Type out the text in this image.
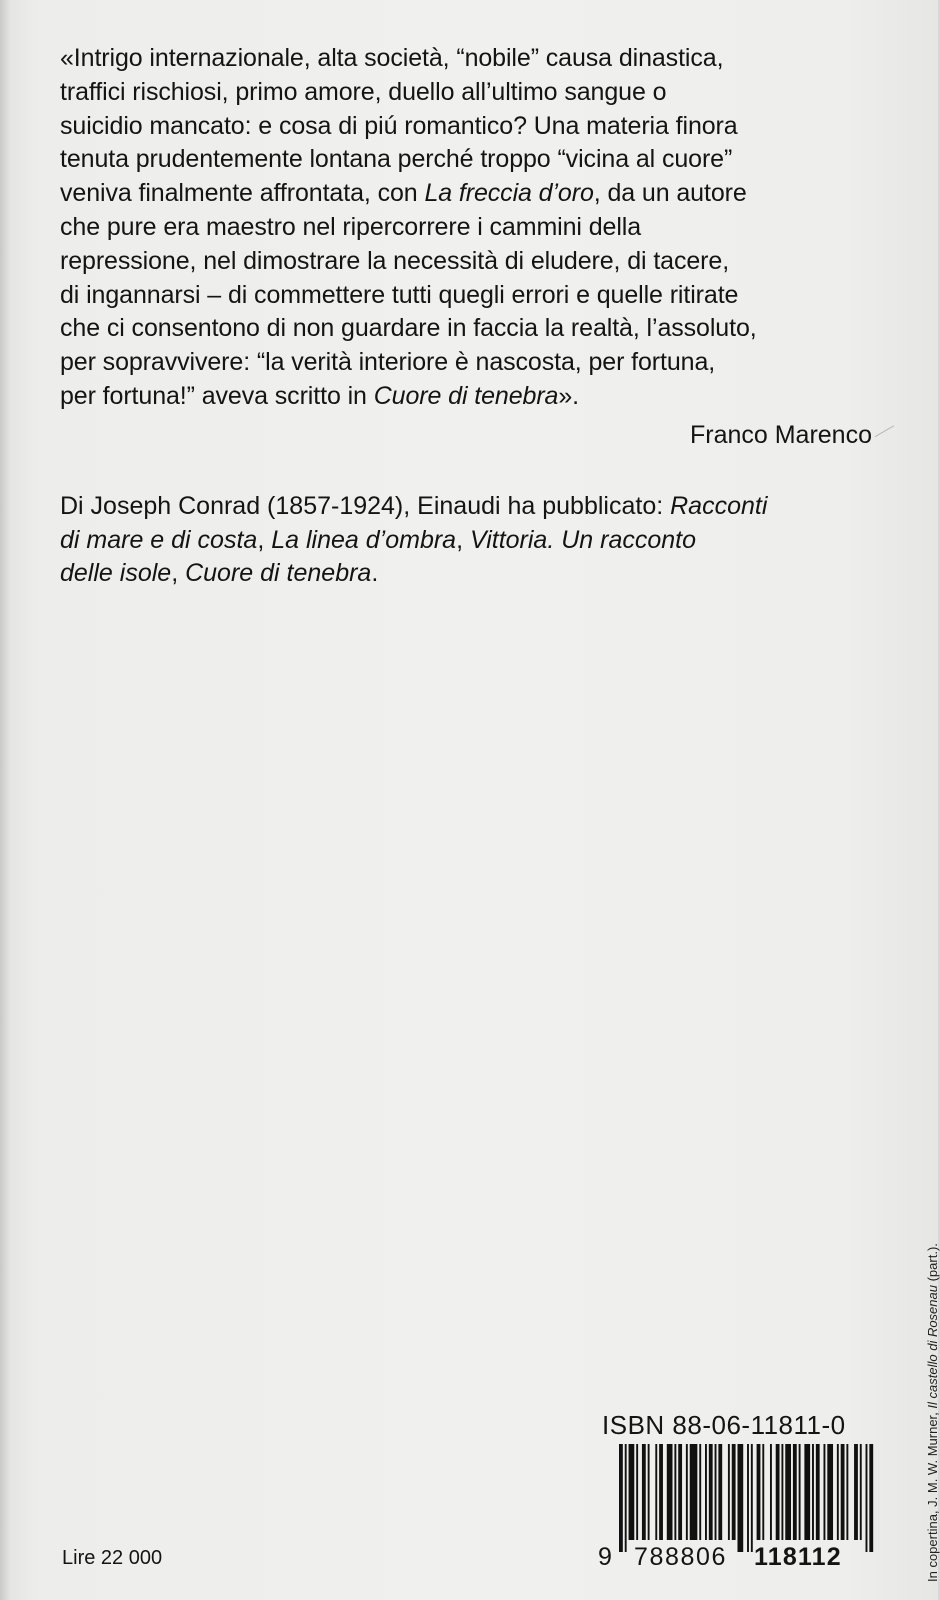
«Intrigo internazionale, alta società, “nobile” causa dinastica,
traffici rischiosi, primo amore, duello all’ultimo sangue o
suicidio mancato: e cosa di piú romantico? Una materia finora
tenuta prudentemente lontana perché troppo “vicina al cuore”
veniva finalmente affrontata, con La freccia d’oro, da un autore
che pure era maestro nel ripercorrere i cammini della
repressione, nel dimostrare la necessità di eludere, di tacere,
di ingannarsi – di commettere tutti quegli errori e quelle ritirate
che ci consentono di non guardare in faccia la realtà, l’assoluto,
per sopravvivere: “la verità interiore è nascosta, per fortuna,
per fortuna!” aveva scritto in Cuore di tenebra».
Franco Marenco
Di Joseph Conrad (1857-1924), Einaudi ha pubblicato: Racconti
di mare e di costa, La linea d’ombra, Vittoria. Un racconto
delle isole, Cuore di tenebra.
ISBN 88-06-11811-0
9 788806 118112
Lire 22 000	In copertina, J. M. W. Murner, Il castello di Rosenau (part.).
